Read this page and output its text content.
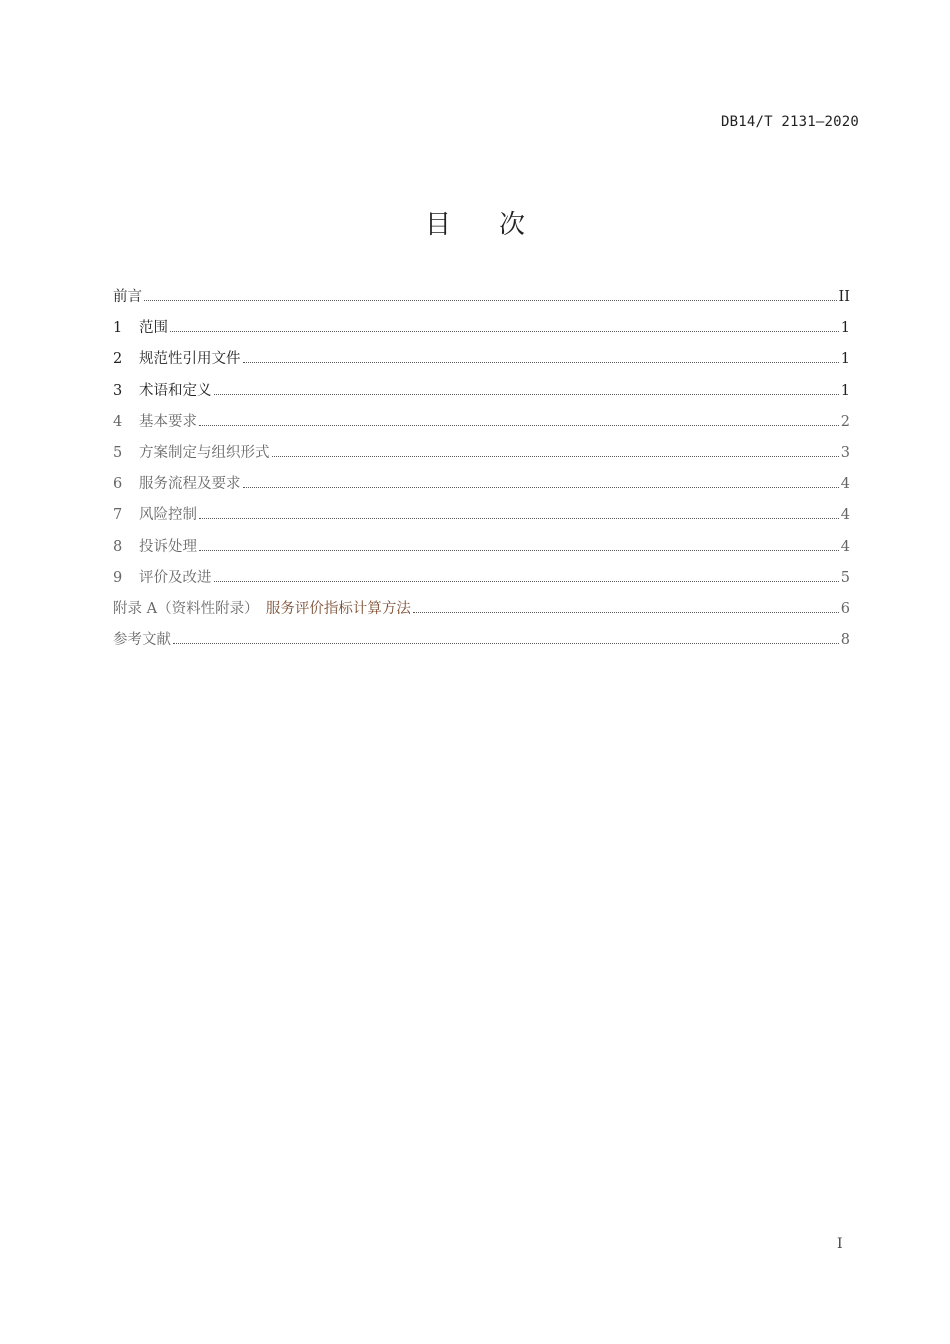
DB14/T 2131—2020
目 次
前言	II
1	范围	1
2	规范性引用文件	1
3	术语和定义	1
4	基本要求	2
5	方案制定与组织形式	3
6	服务流程及要求	4
7	风险控制	4
8	投诉处理	4
9	评价及改进	5
附录 A（资料性附录）　服务评价指标计算方法	6
参考文献	8
I
